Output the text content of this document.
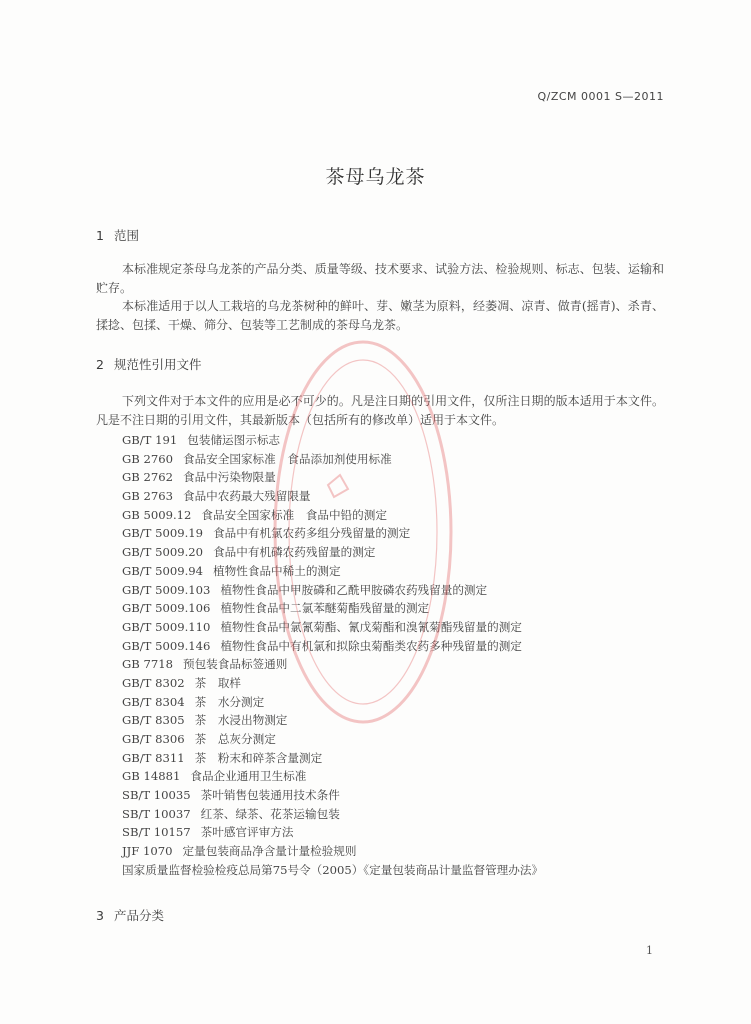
Q/ZCM 0001 S—2011
茶母乌龙茶
1 范围

本标准规定茶母乌龙茶的产品分类、质量等级、技术要求、试验方法、检验规则、标志、包装、运输和贮存。

本标准适用于以人工栽培的乌龙茶树种的鲜叶、芽、嫩茎为原料，经萎凋、凉青、做青(摇青)、杀青、揉捻、包揉、干燥、筛分、包装等工艺制成的茶母乌龙茶。

2 规范性引用文件

下列文件对于本文件的应用是必不可少的。凡是注日期的引用文件，仅所注日期的版本适用于本文件。凡是不注日期的引用文件，其最新版本（包括所有的修改单）适用于本文件。

GB/T 191 包装储运图示标志
GB 2760 食品安全国家标准　食品添加剂使用标准
GB 2762 食品中污染物限量
GB 2763 食品中农药最大残留限量
GB 5009.12 食品安全国家标准　食品中铅的测定
GB/T 5009.19 食品中有机氯农药多组分残留量的测定
GB/T 5009.20 食品中有机磷农药残留量的测定
GB/T 5009.94 植物性食品中稀土的测定
GB/T 5009.103 植物性食品中甲胺磷和乙酰甲胺磷农药残留量的测定
GB/T 5009.106 植物性食品中二氯苯醚菊酯残留量的测定
GB/T 5009.110 植物性食品中氯氰菊酯、氰戊菊酯和溴氰菊酯残留量的测定
GB/T 5009.146 植物性食品中有机氯和拟除虫菊酯类农药多种残留量的测定
GB 7718 预包装食品标签通则
GB/T 8302 茶　取样
GB/T 8304 茶　水分测定
GB/T 8305 茶　水浸出物测定
GB/T 8306 茶　总灰分测定
GB/T 8311 茶　粉末和碎茶含量测定
GB 14881 食品企业通用卫生标准
SB/T 10035 茶叶销售包装通用技术条件
SB/T 10037 红茶、绿茶、花茶运输包装
SB/T 10157 茶叶感官评审方法
JJF 1070 定量包装商品净含量计量检验规则
国家质量监督检验检疫总局第75号令（2005）《定量包装商品计量监督管理办法》
3 产品分类
1
